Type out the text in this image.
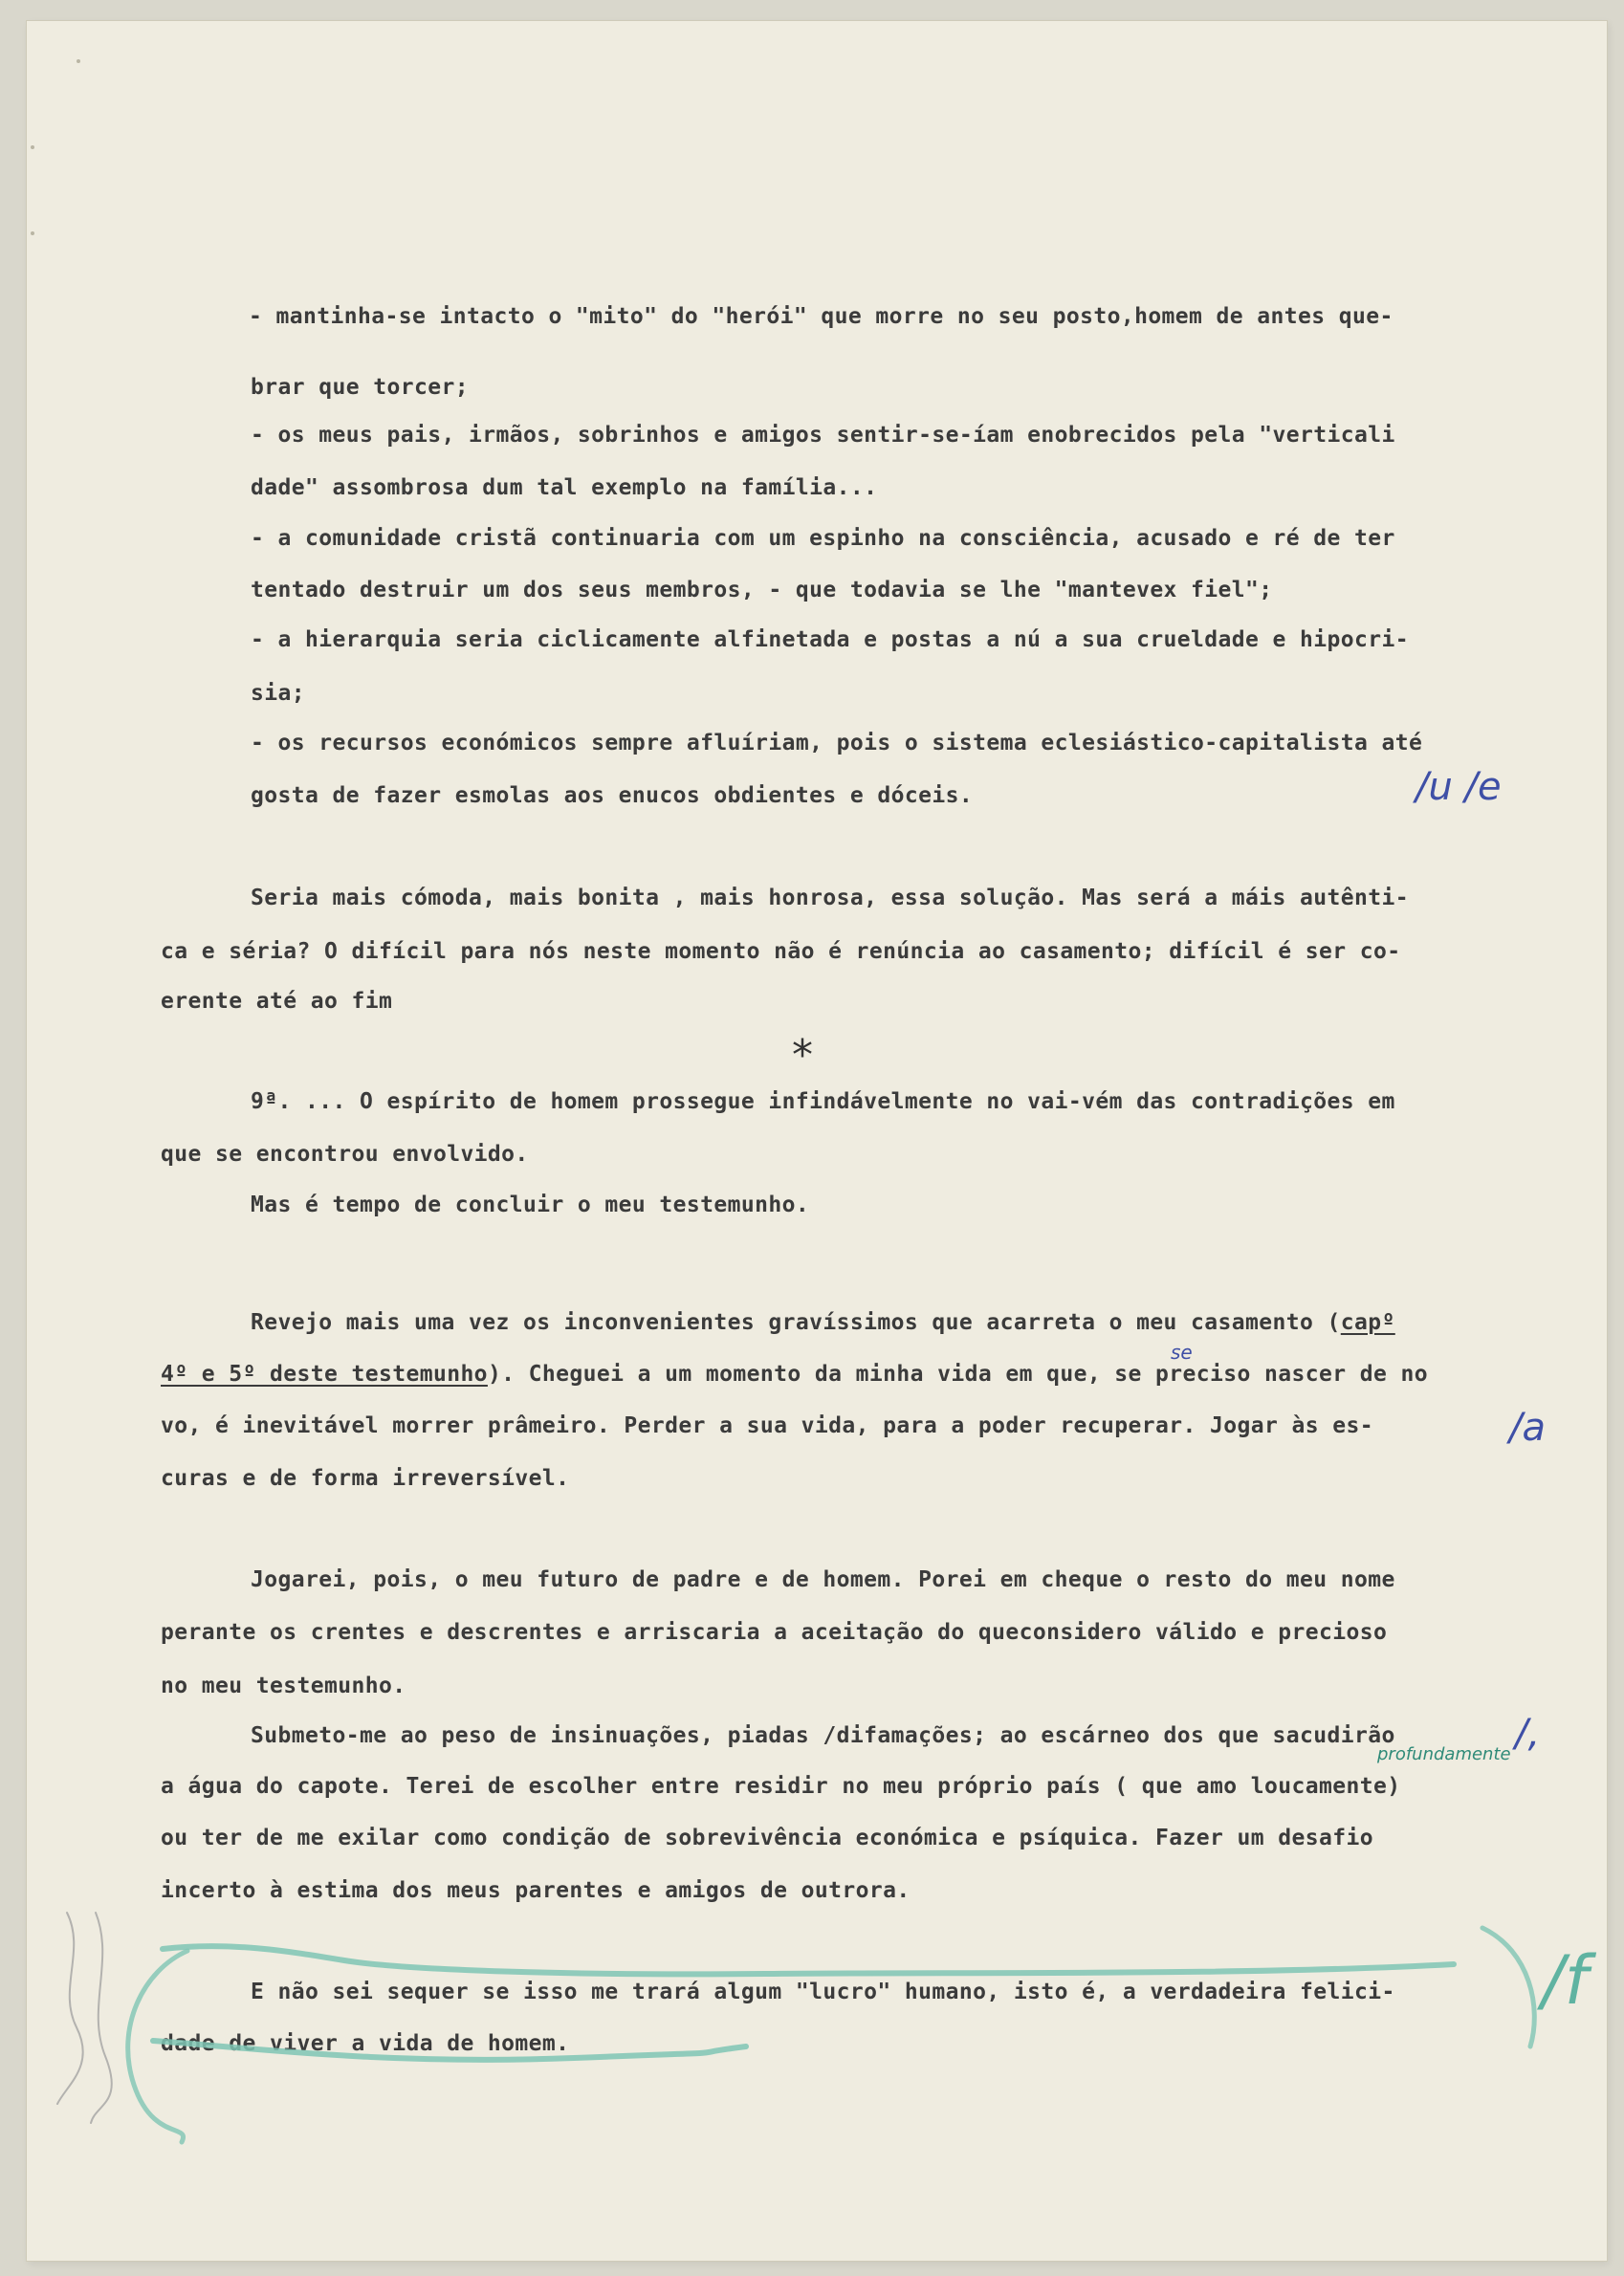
- mantinha-se intacto o "mito" do "herói" que morre no seu posto,homem de antes que-
brar que torcer;
- os meus pais, irmãos, sobrinhos e amigos sentir-se-íam enobrecidos pela "verticali
dade" assombrosa dum tal exemplo na família...
- a comunidade cristã continuaria com um espinho na consciência, acusado e ré de ter
tentado destruir um dos seus membros, - que todavia se lhe "mantevex fiel";
- a hierarquia seria ciclicamente alfinetada e postas a nú a sua crueldade e hipocri-
sia;
- os recursos económicos sempre afluíriam, pois o sistema eclesiástico-capitalista até
gosta de fazer esmolas aos enucos obdientes e dóceis.
Seria mais cómoda, mais bonita , mais honrosa, essa solução. Mas será a máis autênti-
ca e séria? O difícil para nós neste momento não é renúncia ao casamento; difícil é ser co-
erente até ao fim
*
9ª. ... O espírito de homem prossegue infindávelmente no vai-vém das contradições em
que se encontrou envolvido.
Mas é tempo de concluir o meu testemunho.
Revejo mais uma vez os inconvenientes gravíssimos que acarreta o meu casamento (capº
4º e 5º deste testemunho). Cheguei a um momento da minha vida em que, se preciso nascer de no
vo, é inevitável morrer prâmeiro. Perder a sua vida, para a poder recuperar. Jogar às es-
curas e de forma irreversível.
Jogarei, pois, o meu futuro de padre e de homem. Porei em cheque o resto do meu nome
perante os crentes e descrentes e arriscaria a aceitação do queconsidero válido e precioso
no meu testemunho.
Submeto-me ao peso de insinuações, piadas /difamações; ao escárneo dos que sacudirão
a água do capote. Terei de escolher entre residir no meu próprio país ( que amo loucamente)
ou ter de me exilar como condição de sobrevivência económica e psíquica. Fazer um desafio
incerto à estima dos meus parentes e amigos de outrora.
E não sei sequer se isso me trará algum "lucro" humano, isto é, a verdadeira felici-
dade de viver a vida de homem.
/u /e
/a
/,
se
profundamente
/f
